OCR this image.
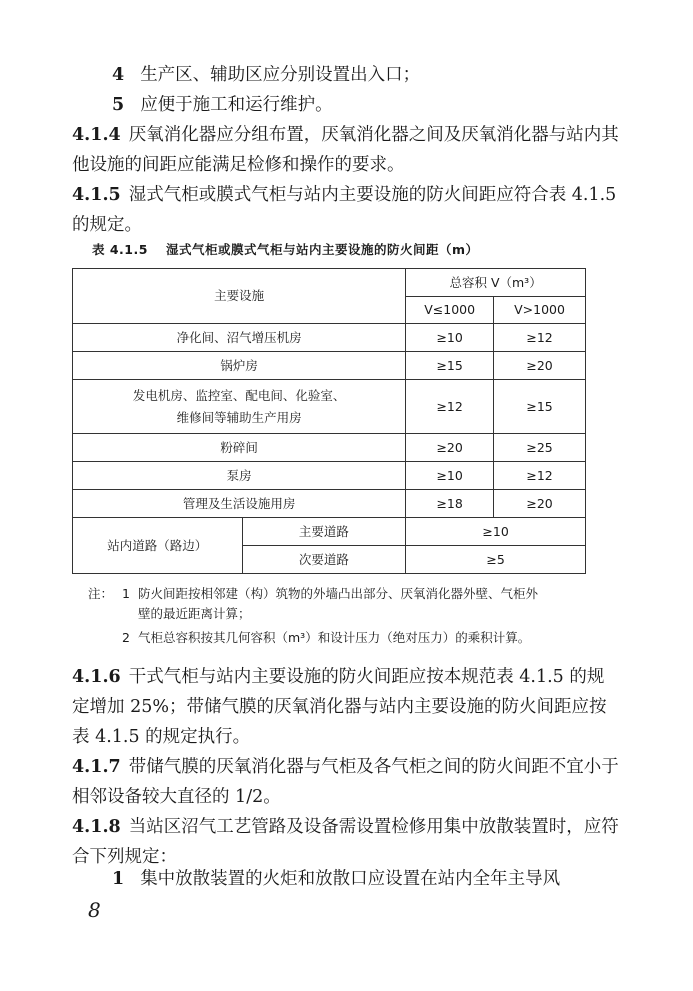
4 生产区、辅助区应分别设置出入口；
5 应便于施工和运行维护。

4.1.4 厌氧消化器应分组布置，厌氧消化器之间及厌氧消化器与站内其他设施的间距应能满足检修和操作的要求。

4.1.5 湿式气柜或膜式气柜与站内主要设施的防火间距应符合表 4.1.5 的规定。

表 4.1.5 湿式气柜或膜式气柜与站内主要设施的防火间距（m）
主要设施		总容积 V（m³）	
		V≤1000	V>1000
净化间、沼气增压机房		≥10	≥12
锅炉房		≥15	≥20

发电机房、监控室、配电间、化验室、
维修间等辅助生产用房		≥12	≥15
粉碎间		≥20	≥25
泵房		≥10	≥12
管理及生活设施用房		≥18	≥20
站内道路（路边）	主要道路	≥10	
	次要道路	≥5	
注： 1 防火间距按相邻建（构）筑物的外墙凸出部分、厌氧消化器外壁、气柜外
壁的最近距离计算；
2 气柜总容积按其几何容积（m³）和设计压力（绝对压力）的乘积计算。

4.1.6 干式气柜与站内主要设施的防火间距应按本规范表 4.1.5 的规定增加 25%；带储气膜的厌氧消化器与站内主要设施的防火间距应按表 4.1.5 的规定执行。

4.1.7 带储气膜的厌氧消化器与气柜及各气柜之间的防火间距不宜小于相邻设备较大直径的 1/2。

4.1.8 当站区沼气工艺管路及设备需设置检修用集中放散装置时，应符合下列规定：

1 集中放散装置的火炬和放散口应设置在站内全年主导风
8
